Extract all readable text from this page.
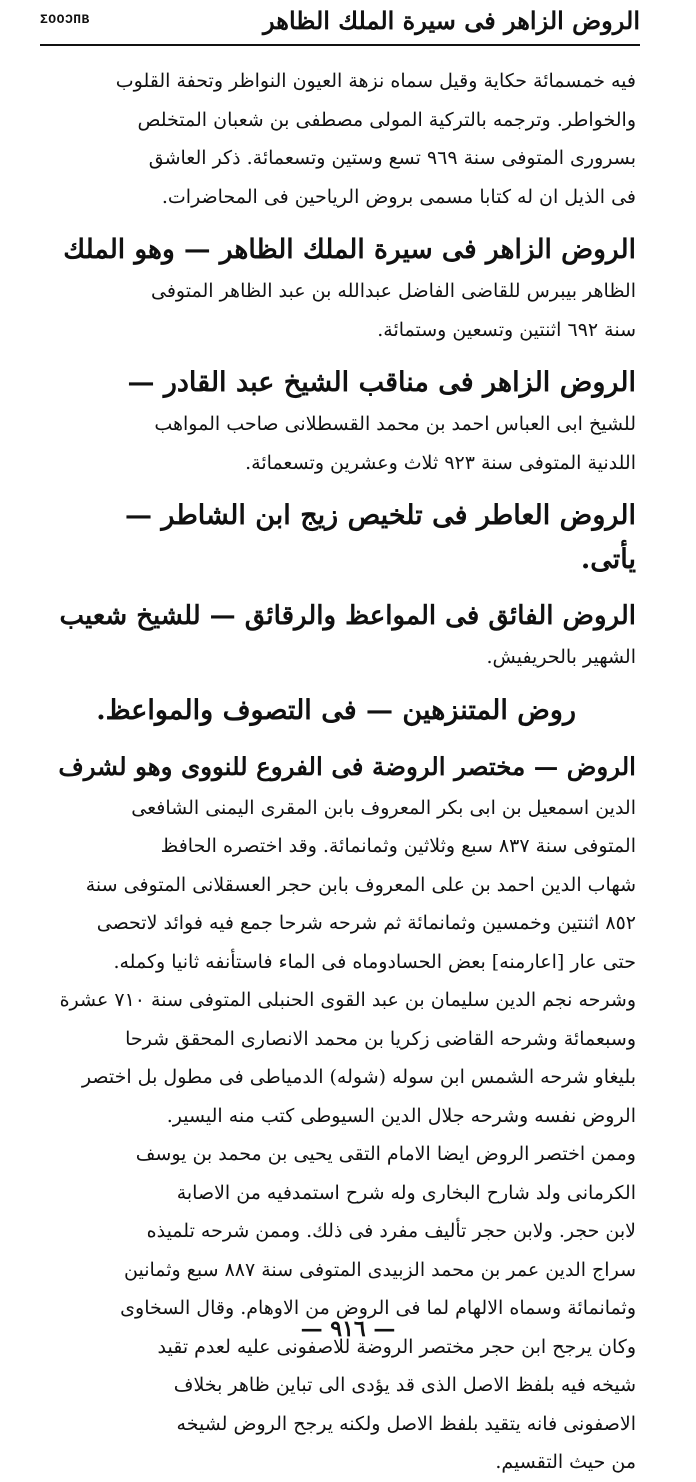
ΣΟΟϽΠΒ	الروض الزاهر فى سيرة الملك الظاهر
فيه خمسمائة حكاية وقيل سماه نزهة العيون النواظر وتحفة القلوب
والخواطر. وترجمه بالتركية المولى مصطفى بن شعبان المتخلص
بسرورى المتوفى سنة ٩٦٩ تسع وستين وتسعمائة. ذكر العاشق
فى الذيل ان له كتابا مسمى بروض الرياحين فى المحاضرات.
الروض الزاهر فى سيرة الملك الظاهر — وهو الملك
الظاهر بيبرس للقاضى الفاضل عبدالله بن عبد الظاهر المتوفى
سنة ٦٩٢ اثنتين وتسعين وستمائة.
الروض الزاهر فى مناقب الشيخ عبد القادر —
للشيخ ابى العباس احمد بن محمد القسطلانى صاحب المواهب
اللدنية المتوفى سنة ٩٢٣ ثلاث وعشرين وتسعمائة.
الروض العاطر فى تلخيص زيج ابن الشاطر —
يأتى.
الروض الفائق فى المواعظ والرقائق — للشيخ شعيب
الشهير بالحريفيش.
روض المتنزهين — فى التصوف والمواعظ.
الروض — مختصر الروضة فى الفروع للنووى وهو لشرف
الدين اسمعيل بن ابى بكر المعروف بابن المقرى اليمنى الشافعى
المتوفى سنة ٨٣٧ سبع وثلاثين وثمانمائة. وقد اختصره الحافظ
شهاب الدين احمد بن على المعروف بابن حجر العسقلانى المتوفى سنة
٨٥٢ اثنتين وخمسين وثمانمائة ثم شرحه شرحا جمع فيه فوائد لاتحصى
حتى عار [اعارمنه] بعض الحسادوماه فى الماء فاستأنفه ثانيا وكمله.
وشرحه نجم الدين سليمان بن عبد القوى الحنبلى المتوفى سنة ٧١٠ عشرة
وسبعمائة وشرحه القاضى زكريا بن محمد الانصارى المحقق شرحا
بليغاو شرحه الشمس ابن سوله (شوله) الدمياطى فى مطول بل اختصر
الروض نفسه وشرحه جلال الدين السيوطى كتب منه اليسير.
وممن اختصر الروض ايضا الامام التقى يحيى بن محمد بن يوسف
الكرمانى ولد شارح البخارى وله شرح استمدفيه من الاصابة
لابن حجر. ولابن حجر تأليف مفرد فى ذلك. وممن شرحه تلميذه
سراج الدين عمر بن محمد الزبيدى المتوفى سنة ٨٨٧ سبع وثمانين
وثمانمائة وسماه الالهام لما فى الروض من الاوهام. وقال السخاوى
وكان يرجح ابن حجر مختصر الروضة للاصفونى عليه لعدم تقيد
شيخه فيه بلفظ الاصل الذى قد يؤدى الى تباين ظاهر بخلاف
الاصفونى فانه يتقيد بلفظ الاصل ولكنه يرجح الروض لشيخه
من حيث التقسيم.
— ٩١٦ —
